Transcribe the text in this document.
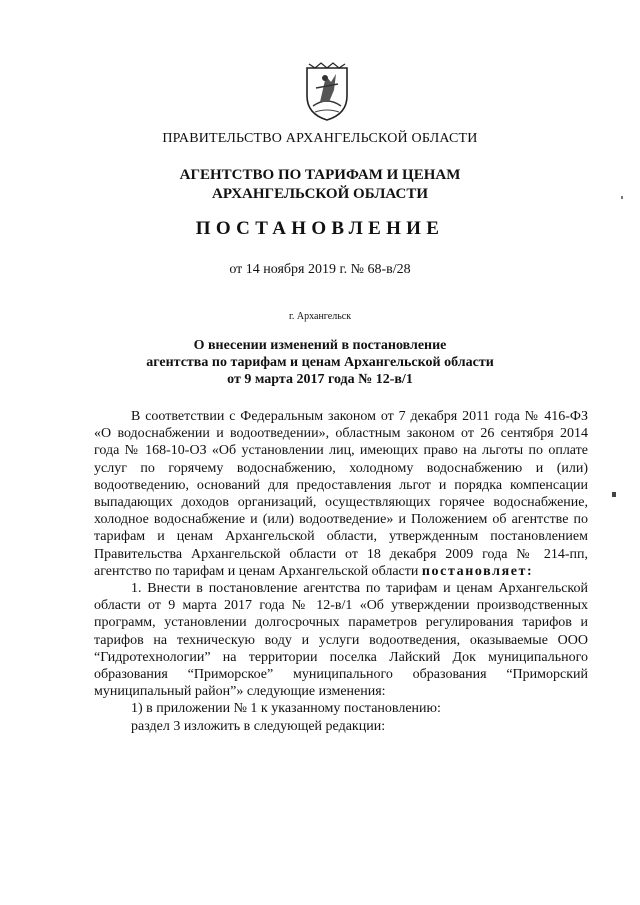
ПРАВИТЕЛЬСТВО АРХАНГЕЛЬСКОЙ ОБЛАСТИ
АГЕНТСТВО ПО ТАРИФАМ И ЦЕНАМ
АРХАНГЕЛЬСКОЙ ОБЛАСТИ
ПОСТАНОВЛЕНИЕ
от 14 ноября 2019 г. № 68-в/28
г. Архангельск
О внесении изменений в постановление
агентства по тарифам и ценам Архангельской области
от 9 марта 2017 года № 12-в/1

В соответствии с Федеральным законом от 7 декабря 2011 года № 416-ФЗ «О водоснабжении и водоотведении», областным законом от 26 сентября 2014 года № 168-10-ОЗ «Об установлении лиц, имеющих право на льготы по оплате услуг по горячему водоснабжению, холодному водоснабжению и (или) водоотведению, оснований для предоставления льгот и порядка компенсации выпадающих доходов организаций, осуществляющих горячее водоснабжение, холодное водоснабжение и (или) водоотведение» и Положением об агентстве по тарифам и ценам Архангельской области, утвержденным постановлением Правительства Архангельской области от 18 декабря 2009 года № 214-пп, агентство по тарифам и ценам Архангельской области постановляет:

1. Внести в постановление агентства по тарифам и ценам Архангельской области от 9 марта 2017 года № 12-в/1 «Об утверждении производственных программ, установлении долгосрочных параметров регулирования тарифов и тарифов на техническую воду и услуги водоотведения, оказываемые ООО “Гидротехнологии” на территории поселка Лайский Док муниципального образования “Приморское” муниципального образования “Приморский муниципальный район”» следующие изменения:

1) в приложении № 1 к указанному постановлению:

раздел 3 изложить в следующей редакции:
